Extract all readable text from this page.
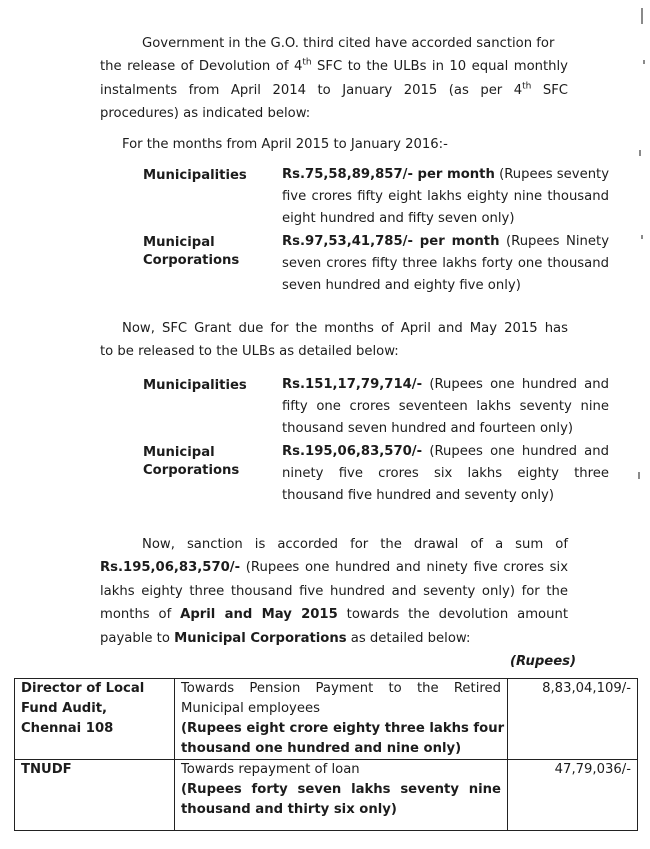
Government in the G.O. third cited have accorded sanction for
the release of Devolution of 4th SFC to the ULBs in 10 equal monthly
instalments from April 2014 to January 2015 (as per 4th SFC
procedures) as indicated below:
For the months from April 2015 to January 2016:-
Municipalities	Rs.75,58,89,857/- per month (Rupees seventy
five crores fifty eight lakhs eighty nine thousand
eight hundred and fifty seven only)
Municipal
Corporations
Rs.97,53,41,785/- per month (Rupees Ninety
seven crores fifty three lakhs forty one thousand
seven hundred and eighty five only)
Now, SFC Grant due for the months of April and May 2015 has
to be released to the ULBs as detailed below:
Municipalities	Rs.151,17,79,714/- (Rupees one hundred and
fifty one crores seventeen lakhs seventy nine
thousand seven hundred and fourteen only)
Municipal
Corporations
Rs.195,06,83,570/- (Rupees one hundred and
ninety five crores six lakhs eighty three
thousand five hundred and seventy only)
Now, sanction is accorded for the drawal of a sum of
Rs.195,06,83,570/- (Rupees one hundred and ninety five crores six
lakhs eighty three thousand five hundred and seventy only) for the
months of April and May 2015 towards the devolution amount
payable to Municipal Corporations as detailed below:
(Rupees)
Director of Local
Fund Audit,
Chennai 108	Towards Pension Payment to the Retired
Municipal employees
(Rupees eight crore eighty three lakhs four
thousand one hundred and nine only)	8,83,04,109/-

TNUDF	Towards repayment of loan
(Rupees forty seven lakhs seventy nine
thousand and thirty six only)	47,79,036/-
